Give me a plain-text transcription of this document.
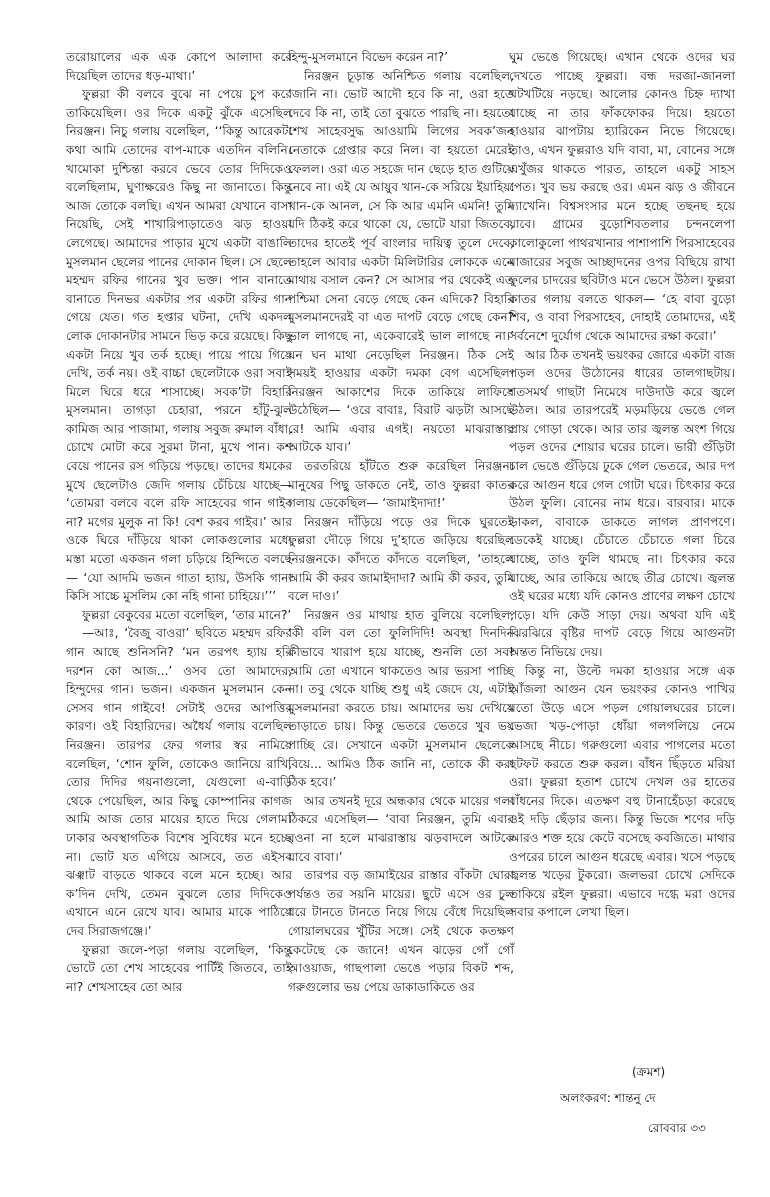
তরোয়ালের এক এক কোপে আলাদা করে দিয়েছিল তাদের ধড়-মাথা।’

ফুল্লরা কী বলবে বুঝে না পেয়ে চুপ করে তাকিয়েছিল। ওর দিকে একটু ঝুঁকে এসেছিল নিরঞ্জন। নিচু গলায় বলেছিল, ‘‘কিন্তু আরেকটা কথা আমি তোদের বাপ-মাকে এতদিন বলিনি। খামোকা দুশ্চিন্তা করবে ভেবে তোর দিদিকেও বলেছিলাম, ঘুণাক্ষরেও কিছু না জানাতে। কিন্তু আজ তোকে বলছি। এখন আমরা যেখানে বাসা নিয়েছি, সেই শাখারিপাড়াতেও ঝড় হাওয়া লেগেছে। আমাদের পাড়ার মুখে একটা বাঙালি মুসলমান ছেলের পানের দোকান ছিল। সে ছেলে মহম্মদ রফির গানের খুব ভক্ত। পান বানাতে বানাতে দিনভর একটার পর একটা রফির গান গেয়ে যেত। গত হপ্তার ঘটনা, দেখি একদল লোক দোকানটার সামনে ভিড় করে রয়েছে। কিছু একটা নিয়ে খুব তর্ক হচ্ছে। পায়ে পায়ে গিয়ে দেখি, তর্ক নয়। ওই বাচ্চা ছেলেটাকে ওরা সবাই মিলে ঘিরে ধরে শাসাচ্ছে। সবক’টা বিহারি মুসলমান। তাগড়া চেহারা, পরনে হাঁটু-ঝুল কামিজ আর পাজামা, গলায় সবুজ রুমাল বাঁধা, চোখে মোটা করে সুরমা টানা, মুখে পান। কশ বেয়ে পানের রস গড়িয়ে পড়ছে। তাদের ধমকের মুখে ছেলেটাও জেদি গলায় চেঁচিয়ে যাচ্ছে— ‘তোমরা বলবে বলে রফি সাহেবের গান গাইব না? মগের মুলুক না কি! বেশ করব গাইব।’ আর ওকে ঘিরে দাঁড়িয়ে থাকা লোকগুলোর মধ্যে মস্তা মতো একজন গলা চড়িয়ে হিন্দিতে বলছে— ‘যো আদমি ভজন গাতা হ্যায়, উসকি গানা কিসি সাচ্চে মুসলিম কো নহি গানা চাহিয়ে।’’’

ফুল্লরা বেকুবের মতো বলেছিল, ‘তার মানে?’

—আঃ, ‘বৈজু বাওরা’ ছবিতে মহম্মদ রফির গান আছে শুনিসনি? ‘মন তরপৎ হ্যায় হরি দরশন কো আজ...’ ওসব তো আমাদের, হিন্দুদের গান। ভজন। একজন মুসলমান কেন সেসব গান গাইবে! সেটাই ওদের আপত্তির কারণ। ওই বিহারিদের। অধৈর্য গলায় বলেছিল নিরঞ্জন। তারপর ফের গলার স্বর নামিয়ে বলেছিল, ‘শোন ফুলি, তোকেও জানিয়ে রাখি, তোর দিদির গয়নাগুলো, যেগুলো এ-বাড়ি থেকে পেয়েছিল, আর কিছু কোম্পানির কাগজ আমি আজ তোর মায়ের হাতে দিয়ে গেলাম। ঢাকার অবস্থাগতিক বিশেষ সুবিধের মনে হচ্ছে না। ভোট যত এগিয়ে আসবে, তত এইসব ঝঞ্ঝাট বাড়তে থাকবে বলে মনে হচ্ছে। আর ক’দিন দেখি, তেমন বুঝলে তোর দিদিকেও এখানে এনে রেখে যাব। আমার মাকে পাঠিয়ে দেব সিরাজগঞ্জে।’

ফুল্লরা জলে-পড়া গলায় বলেছিল, ‘কিন্তু ভোটে তো শেখ সাহেবের পার্টিই জিতবে, তাই না? শেখসাহেব তো আর

হিন্দু-মুসলমানে বিভেদ করেন না?’

নিরঞ্জন চূড়ান্ত অনিশ্চিত গলায় বলেছিল, ‘জানি না। ভোট আদৌ হবে কি না, ওরা হতে দেবে কি না, তাই তো বুঝতে পারছি না। হয়তো শেখ সাহেবসুদ্ধ আওয়ামি লিগের সবক’জন নেতাকে গ্রেপ্তার করে নিল। বা হয়তো মেরেই ফেলল। ওরা এত সহজে দান ছেড়ে হাত গুটিয়ে নেবে না। এই যে আয়ুব খান-কে সরিয়ে ইয়াহিয়া খান-কে আনল, সে কি আর এমনি এমনি! তুমি যদি ঠিকই করে থাকো যে, ভোটে যারা জিতবে, তাদের হাতেই পূর্ব বাংলার দায়িত্ব তুলে দেবে, তাহলে আবার একটা মিলিটারির লোককে এনে মাথায় বসাল কেন? সে আসার পর থেকেই এত পশ্চিমা সেনা বেড়ে গেছে কেন এদিকে? বিহারি মুসলমানদেরই বা এত দাপট বেড়ে গেছে কেন? ভাল লাগছে না, একেবারেই ভাল লাগছে না।’ ঘন ঘন মাথা নেড়েছিল নিরঞ্জন। ঠিক সেই সময়ই হাওয়ার একটা দমকা বেগ এসেছিল। নিরঞ্জন আকাশের দিকে তাকিয়ে লাফিয়ে উঠেছিল— ‘ওরে বাবাঃ, বিরাট ঝড়টা আসছে রে! আমি এবার এগই। নয়তো মাঝরাস্তায় আটকে যাব।’

তরতরিয়ে হাঁটতে শুরু করেছিল নিরঞ্জন। মানুষের পিছু ডাকতে নেই, তাও ফুল্লরা কাতর গলায় ডেকেছিল— ‘জামাইদাদা!’

নিরঞ্জন দাঁড়িয়ে পড়ে ওর দিকে ঘুরতেই ফুল্লরা দৌড়ে গিয়ে দু’হাতে জড়িয়ে ধরেছিল নিরঞ্জনকে। কাঁদতে কাঁদতে বলেছিল, ‘তাহলে আমি কী করব জামাইদাদা? আমি কী করব, তুমি বলে দাও।’

নিরঞ্জন ওর মাথায় হাত বুলিয়ে বলেছিল, ‘কী বলি বল তো ফুলিদিদি! অবস্থা দিনদিন কীভাবে খারাপ হয়ে যাচ্ছে, শুনলি তো সব! আমি তো এখানে থাকতেও আর ভরসা পাচ্ছি না। তবু থেকে যাচ্ছি শুধু এই জেদে যে, এটাই মুসলমানরা করতে চায়। আমাদের ভয় দেখিয়ে তাড়াতে চায়। কিন্তু ভেতরে ভেতরে খুব ভয় পাচ্ছি রে। সেখানে একটা মুসলমান ছেলেকে বিয়ে... আমিও ঠিক জানি না, তোকে কী করা ঠিক হবে।’

আর তখনই দূরে অন্ধকার থেকে মায়ের গলা ঠিকরে এসেছিল— ‘বাবা নিরঞ্জন, তুমি এবার রওনা না হলে মাঝরাস্তায় ঝড়বাদলে আটকে যাবে বাবা।’

তারপর বড় জামাইয়ের রাস্তার বাঁকটা ঘোরা পর্যন্তও তর সয়নি মায়ের। ছুটে এসে ওর চুল ধরে টানতে টানতে নিয়ে গিয়ে বেঁধে দিয়েছিল গোয়ালঘরের খুঁটির সঙ্গে। সেই থেকে কতক্ষণ কেটেছে কে জানে! এখন ঝড়ের গোঁ গোঁ আওয়াজ, গাছপালা ভেঙে পড়ার বিকট শব্দ, গরুগুলোর ভয় পেয়ে ডাকাডাকিতে ওর

ঘুম ভেঙে গিয়েছে। এখান থেকে ওদের ঘর দেখতে পাচ্ছে ফুল্লরা। বন্ধ দরজা-জানলা খটখটিয়ে নড়ছে। আলোর কোনও চিহ্ন দ্যাখা যাচ্ছে না তার ফাঁকফোকর দিয়ে। হয়তো হাওয়ার ঝাপটায় হ্যারিকেন নিভে গিয়েছে। তাও, এখন ফুল্লরাও যদি বাবা, মা, বোনের সঙ্গে এখুঁজর থাকতে পারত, তাহলে একটু সাহস পেত। খুব ভয় করছে ওর। এমন ঝড় ও জীবনে দ্যাখেনি। বিশ্বসংসার মনে হচ্ছে তছনছ হয়ে যাবে। গ্রামের বুড়োশিবতলার চন্দনলেপা কালোকুলো পাথরখানার পাশাপাশি পিরসাহেবের মাজারের সবুজ আচ্ছাদনের ওপর বিছিয়ে রাখা ফুলের চাদরের ছবিটাও মনে ভেসে উঠল। ফুল্লরা কাতর গলায় বলতে থাকল— ‘হে বাবা বুড়ো শিব, ও বাবা পিরসাহেব, দোহাই তোমাদের, এই সর্বনেশে দুর্যোগ থেকে আমাদের রক্ষা করো।’

আর ঠিক তখনই ভয়ংকর জোরে একটা বাজ পড়ল ওদের উঠোনের ধারের তালগাছটায়। শতসমর্থ গাছটা নিমেষে দাউদাউ করে জ্বলে উঠল। আর তারপরেই মড়মড়িয়ে ভেঙে গেল প্রায় গোড়া থেকে। আর তার জ্বলন্ত অংশ গিয়ে পড়ল ওদের শোয়ার ঘরের চালে। ভারী গুঁড়িটা চাল ভেঙে গুঁড়িয়ে ঢুকে গেল ভেতরে, আর দপ করে আগুন ধরে গেল গোটা ঘরে। চিৎকার করে উঠল ফুলি। বোনের নাম ধরে। বারবার। মাকে ডাকল, বাবাকে ডাকতে লাগল প্রাণপণে। ডেকেই যাচ্ছে। চেঁচাতে চেঁচাতে গলা চিরে যাচ্ছে, তাও ফুলি থামছে না। চিৎকার করে যাচ্ছে, আর তাকিয়ে আছে তীব্র চোখে। জ্বলন্ত ওই ঘরের মধ্যে যদি কোনও প্রাণের লক্ষণ চোখে পড়ে। যদি কেউ সাড়া দেয়। অথবা যদি এই ঝিরঝিরে বৃষ্টির দাপট বেড়ে গিয়ে আগুনটা অন্তত নিভিয়ে দেয়।

কিন্তু না, উল্টে দমকা হাওয়ার সঙ্গে এক আঁজলা আগুন যেন ভয়ংকর কোনও পাখির মতো উড়ে এসে পড়ল গোয়ালঘরের চালে। ভেজা খড়-পোড়া ধোঁয়া গলগলিয়ে নেমে আসছে নীচে। গরুগুলো এবার পাগলের মতো ছটফট করতে শুরু করল। বাঁধন ছিঁড়তে মরিয়া ওরা। ফুল্লরা হতাশ চোখে দেখল ওর হাতের বাঁধনের দিকে। এতক্ষণ বহু টানাহেঁচড়া করেছে ওই দড়ি ছেঁড়ার জন্য। কিন্তু ভিজে শণের দড়ি আরও শক্ত হয়ে কেটে বসেছে কবজিতে। মাথার ওপরের চালে আগুন ধরেছে এবার। খসে পড়ছে জ্বলন্ত খড়ের টুকরো। জলভরা চোখে সেদিকে তাকিয়ে রইল ফুল্লরা। এভাবে দগ্ধে মরা ওদের সবার কপালে লেখা ছিল।

(ক্রমশ)
অলংকরণ: শান্তনু দে
রোববার ৩৩
